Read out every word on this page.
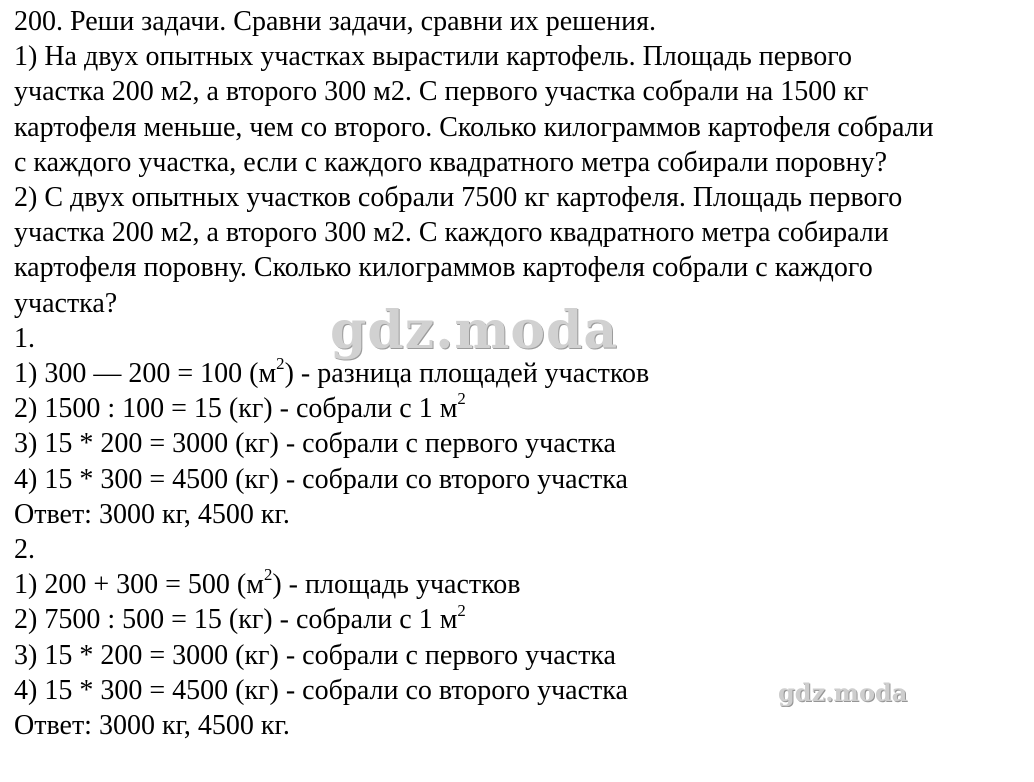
200. Реши задачи. Сравни задачи, сравни их решения.
1) На двух опытных участках вырастили картофель. Площадь первого
участка 200 м2, а второго 300 м2. С первого участка собрали на 1500 кг
картофеля меньше, чем со второго. Сколько килограммов картофеля собрали
с каждого участка, если с каждого квадратного метра собирали поровну?
2) С двух опытных участков собрали 7500 кг картофеля. Площадь первого
участка 200 м2, а второго 300 м2. С каждого квадратного метра собирали
картофеля поровну. Сколько килограммов картофеля собрали с каждого
участка?
1.
1) 300 — 200 = 100 $(м^2)$ - разница площадей участков
2) 1500 : 100 = 15 (кг) - собрали с 1 $м^2$
3) 15 * 200 = 3000 (кг) - собрали с первого участка
4) 15 * 300 = 4500 (кг) - собрали со второго участка
Ответ: 3000 кг, 4500 кг.
2.
1) 200 + 300 = 500 $(м^2)$ - площадь участков
2) 7500 : 500 = 15 (кг) - собрали с 1 $м^2$
3) 15 * 200 = 3000 (кг) - собрали с первого участка
4) 15 * 300 = 4500 (кг) - собрали со второго участка
Ответ: 3000 кг, 4500 кг.
gdz.moda
gdz.moda
